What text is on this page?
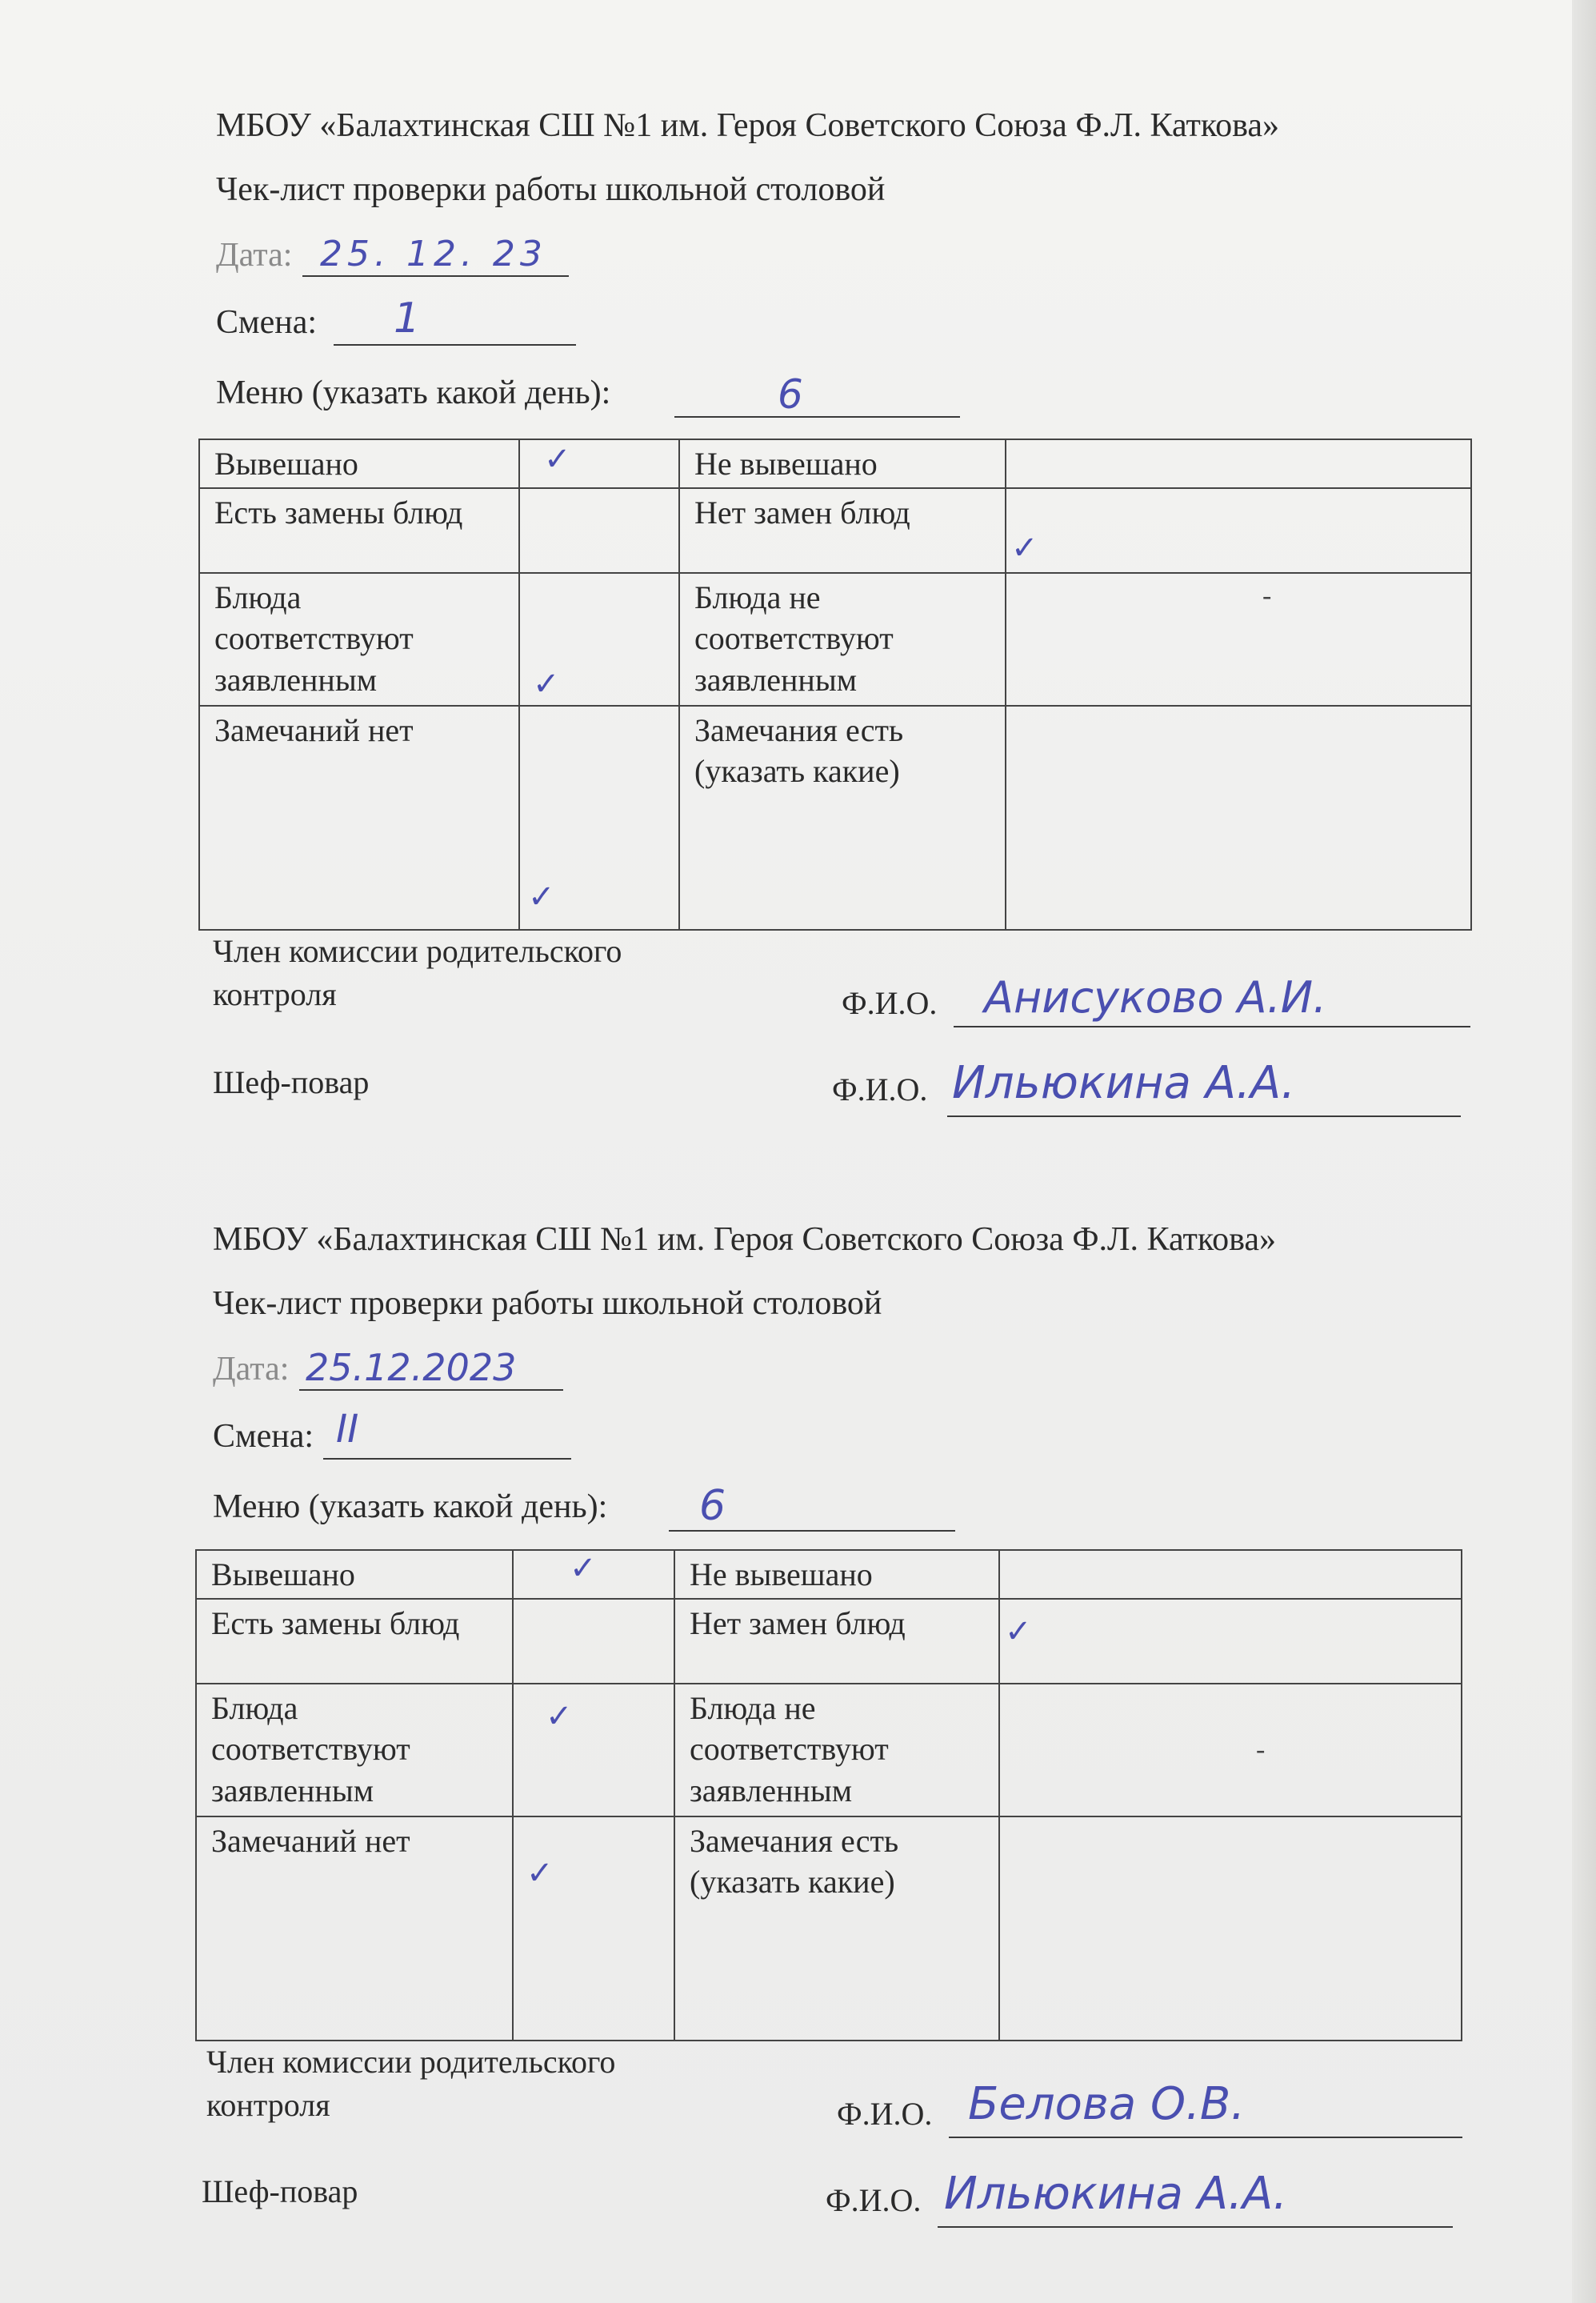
МБОУ «Балахтинская СШ №1 им. Героя Советского Союза Ф.Л. Каткова»
Чек-лист проверки работы школьной столовой
Дата: 25. 12. 23
Смена: 1
Меню (указать какой день):	6
Вывешано	✓	Не вывешано	

Есть замены блюд		Нет замен блюд	✓

Блюда соответствуют заявленным	✓	Блюда не соответствуют заявленным	-

Замечаний нет	✓	Замечания есть (указать какие)	
Член комиссии родительского контроля	Ф.И.О. Анисуково А.И.
Шеф-повар	Ф.И.О. Ильюкина А.А.
МБОУ «Балахтинская СШ №1 им. Героя Советского Союза Ф.Л. Каткова»
Чек-лист проверки работы школьной столовой
Дата: 25.12.2023
Смена: II
Меню (указать какой день): 6
Вывешано	✓	Не вывешано	

Есть замены блюд		Нет замен блюд	✓

Блюда соответствуют заявленным	✓	Блюда не соответствуют заявленным	-

Замечаний нет	✓	Замечания есть (указать какие)	
Член комиссии родительского контроля	Ф.И.О. Белова О.В.
Шеф-повар	Ф.И.О. Ильюкина А.А.
